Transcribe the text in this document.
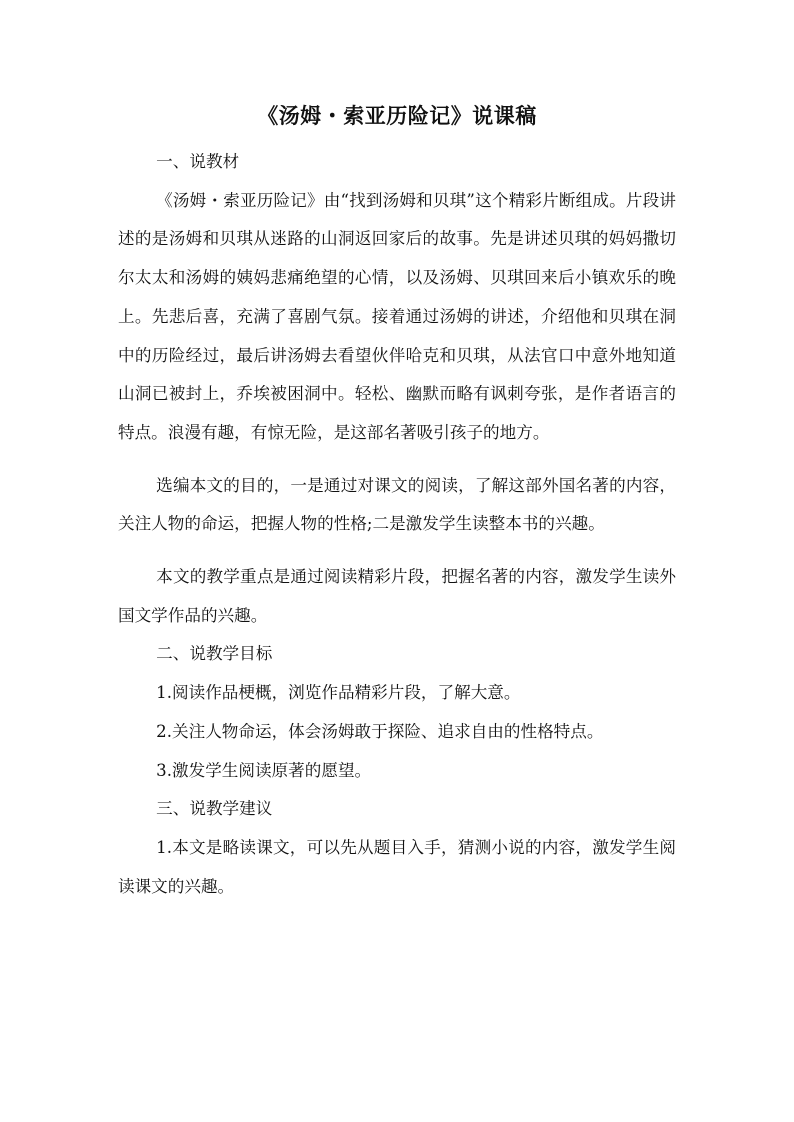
《汤姆・索亚历险记》说课稿

一、说教材

《汤姆・索亚历险记》由“找到汤姆和贝琪”这个精彩片断组成。片段讲述的是汤姆和贝琪从迷路的山洞返回家后的故事。先是讲述贝琪的妈妈撒切尔太太和汤姆的姨妈悲痛绝望的心情，以及汤姆、贝琪回来后小镇欢乐的晚上。先悲后喜，充满了喜剧气氛。接着通过汤姆的讲述，介绍他和贝琪在洞中的历险经过，最后讲汤姆去看望伙伴哈克和贝琪，从法官口中意外地知道山洞已被封上，乔埃被困洞中。轻松、幽默而略有讽刺夸张，是作者语言的特点。浪漫有趣，有惊无险，是这部名著吸引孩子的地方。

选编本文的目的，一是通过对课文的阅读，了解这部外国名著的内容，关注人物的命运，把握人物的性格;二是激发学生读整本书的兴趣。

本文的教学重点是通过阅读精彩片段，把握名著的内容，激发学生读外国文学作品的兴趣。

二、说教学目标

1.阅读作品梗概，浏览作品精彩片段，了解大意。

2.关注人物命运，体会汤姆敢于探险、追求自由的性格特点。

3.激发学生阅读原著的愿望。

三、说教学建议

1.本文是略读课文，可以先从题目入手，猜测小说的内容，激发学生阅读课文的兴趣。
